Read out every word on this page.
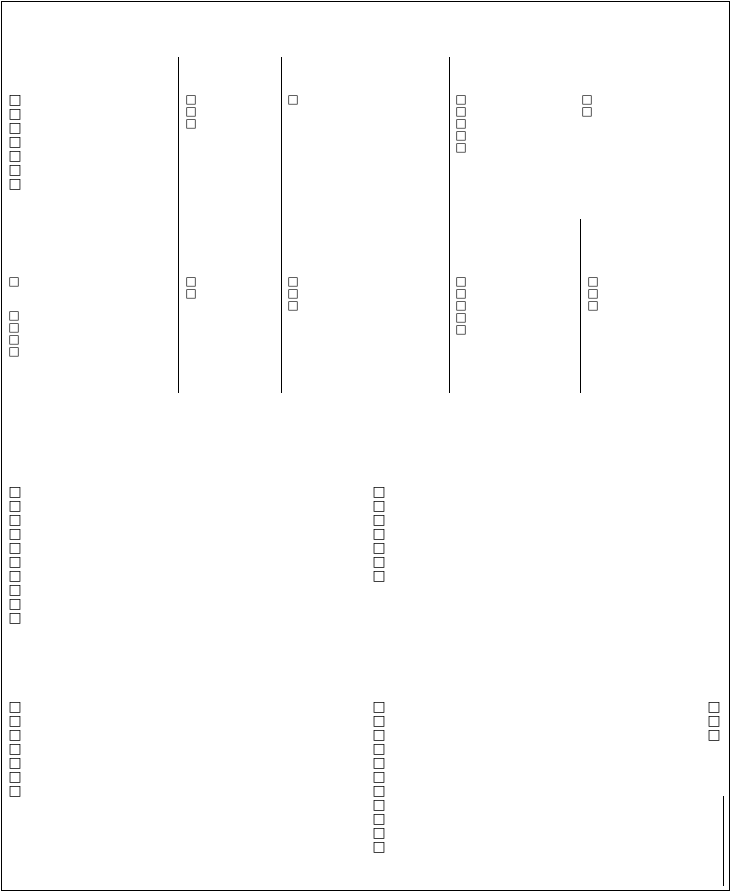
□□□□□□□
□□□
□	□□□□□
□□
□
□□□□
□□
□□□
□□□□□
□□□
□□□□□□□□□□
□□□□□□□
□□□□□□□
□□□□□□□□□□□
□□□
